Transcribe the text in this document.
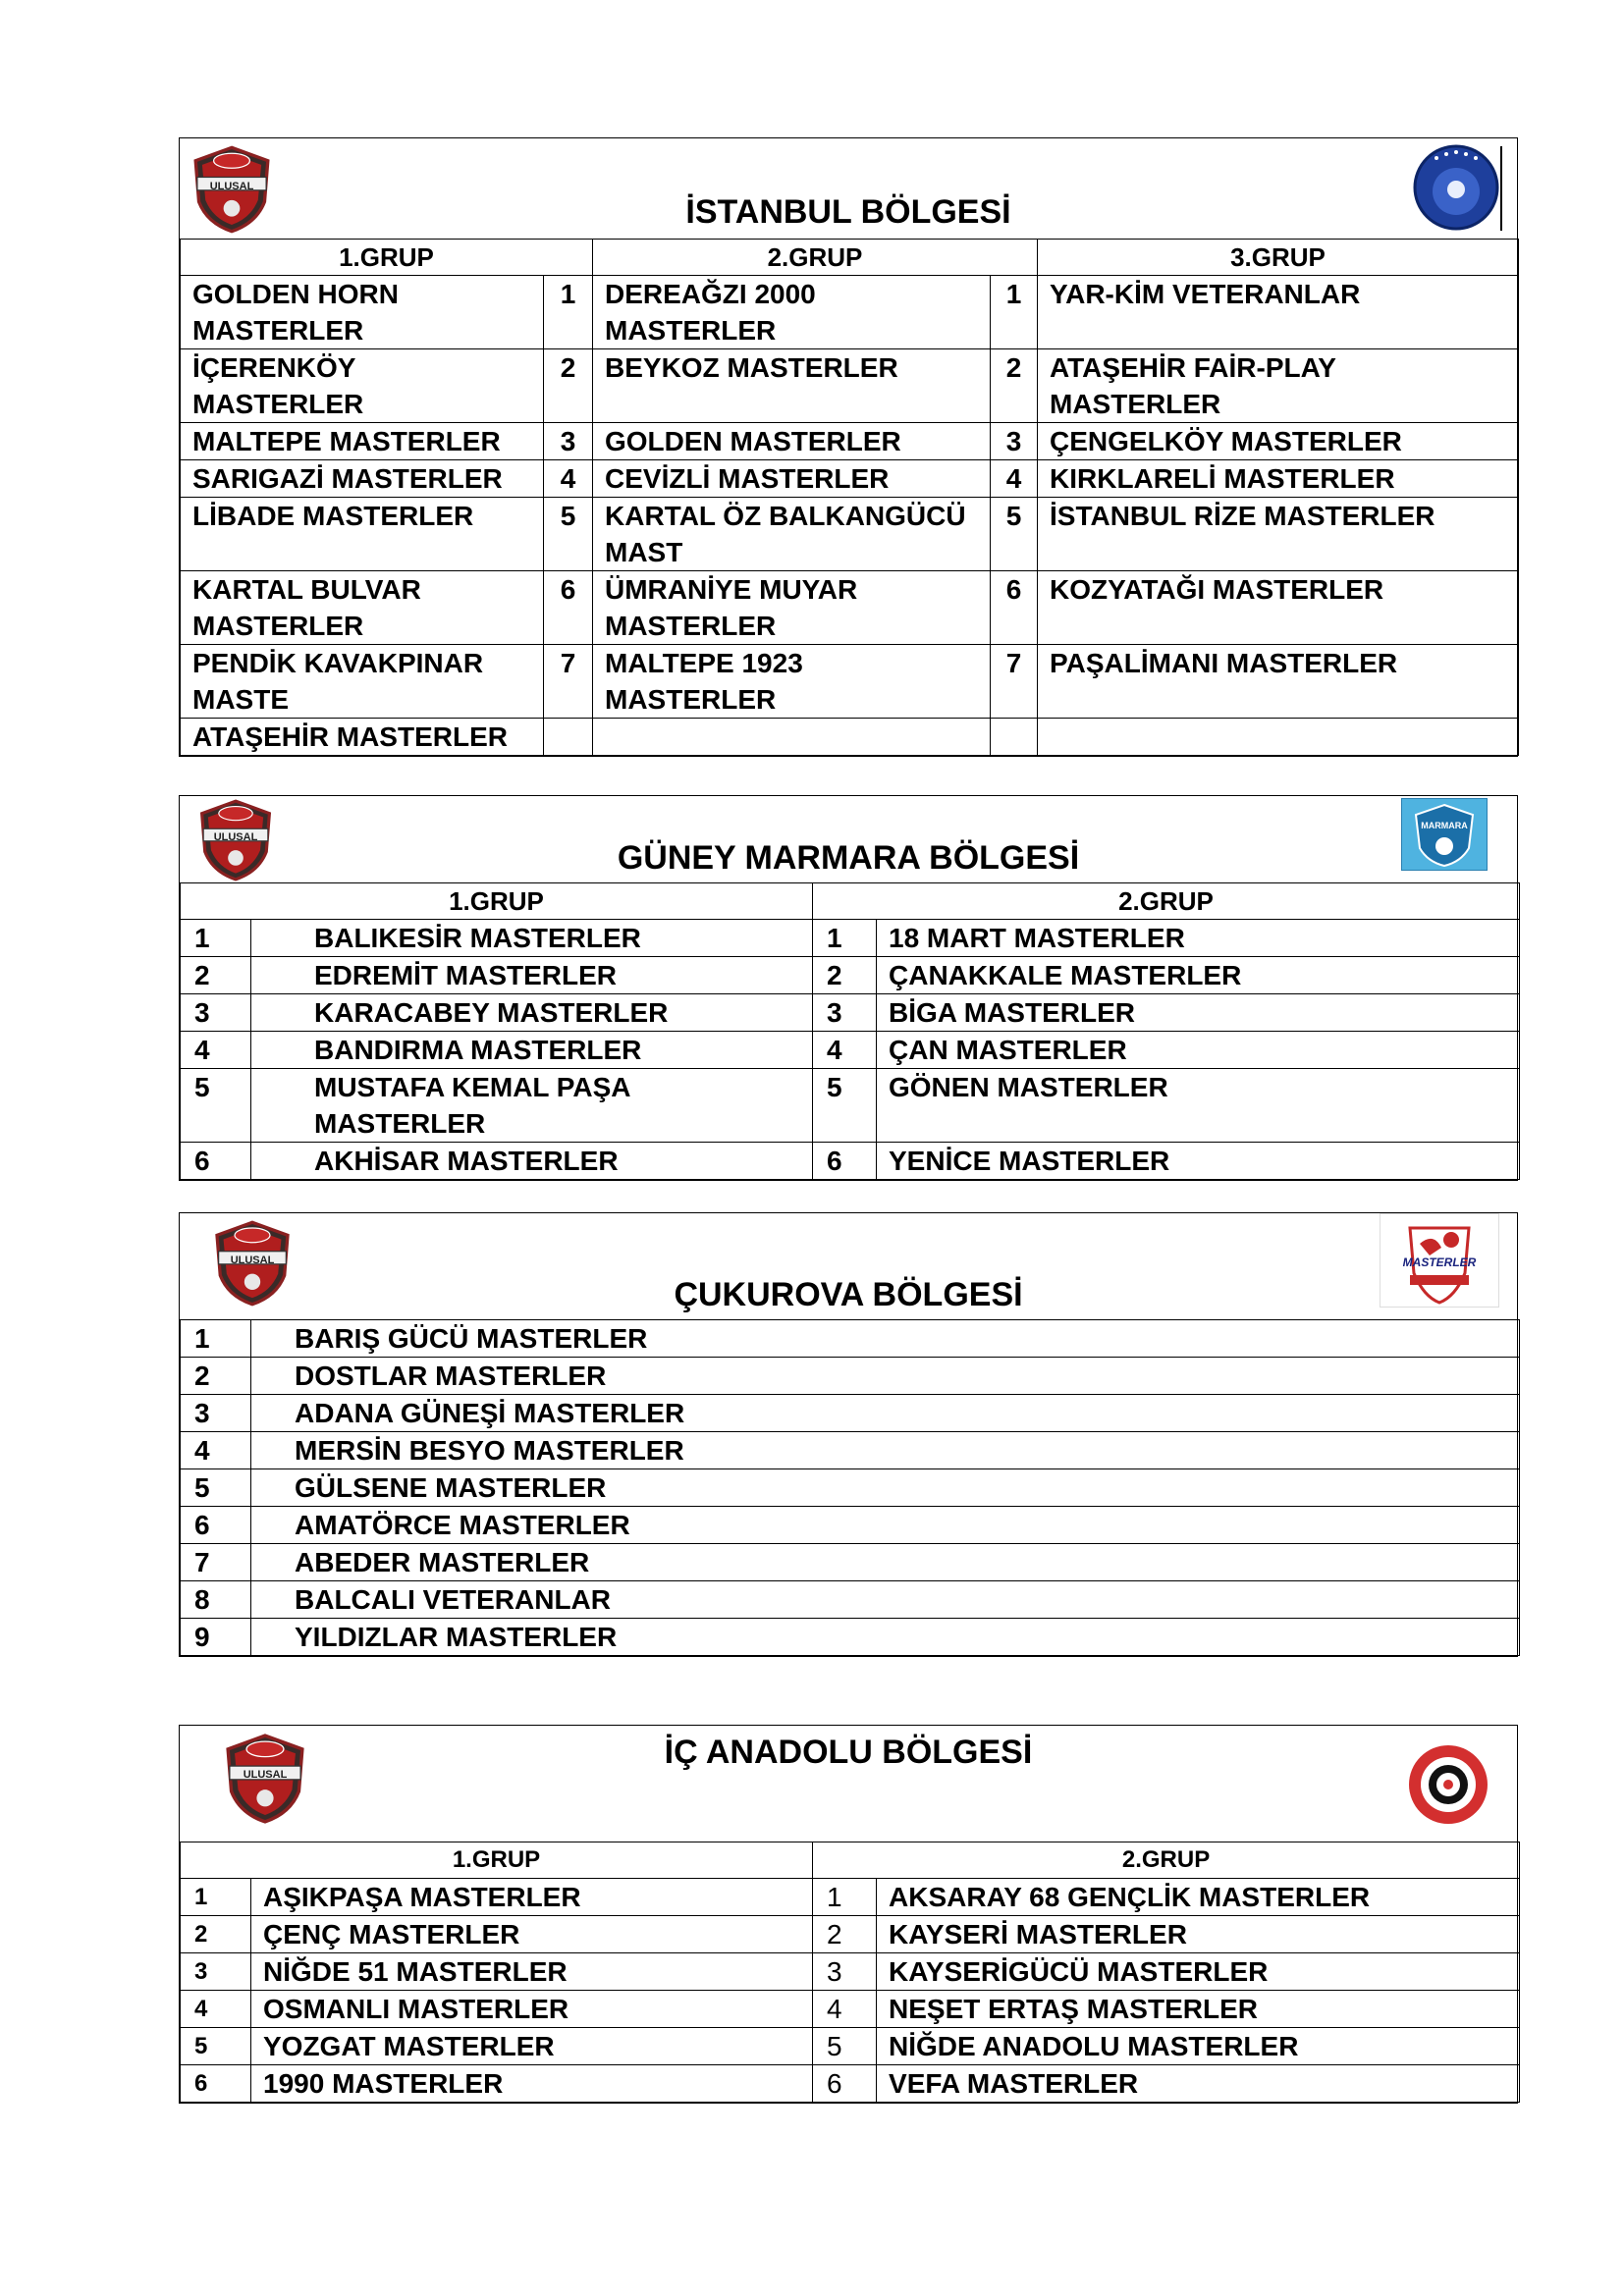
ULUSAL
İSTANBUL BÖLGESİ
1.GRUP		2.GRUP		3.GRUP
GOLDEN HORN MASTERLER	1	DEREAĞZI 2000 MASTERLER	1	YAR-KİM VETERANLAR
İÇERENKÖY MASTERLER	2	BEYKOZ MASTERLER	2	ATAŞEHİR FAİR-PLAY MASTERLER
MALTEPE MASTERLER	3	GOLDEN MASTERLER	3	ÇENGELKÖY MASTERLER
SARIGAZİ MASTERLER	4	CEVİZLİ MASTERLER	4	KIRKLARELİ MASTERLER
LİBADE MASTERLER	5	KARTAL ÖZ BALKANGÜCÜ MAST	5	İSTANBUL RİZE MASTERLER
KARTAL BULVAR MASTERLER	6	ÜMRANİYE MUYAR MASTERLER	6	KOZYATAĞI MASTERLER
PENDİK KAVAKPINAR MASTE	7	MALTEPE 1923 MASTERLER	7	PAŞALİMANI MASTERLER
ATAŞEHİR MASTERLER				
ULUSAL
GÜNEY MARMARA BÖLGESİ
MARMARA
1.GRUP		2.GRUP	
1	BALIKESİR MASTERLER	1	18 MART MASTERLER
2	EDREMİT MASTERLER	2	ÇANAKKALE MASTERLER
3	KARACABEY MASTERLER	3	BİGA MASTERLER
4	BANDIRMA MASTERLER	4	ÇAN MASTERLER
5	MUSTAFA KEMAL PAŞA MASTERLER	5	GÖNEN MASTERLER
6	AKHİSAR MASTERLER	6	YENİCE MASTERLER
ULUSAL
ÇUKUROVA BÖLGESİ
MASTERLER
1	BARIŞ GÜCÜ MASTERLER
2	DOSTLAR MASTERLER
3	ADANA GÜNEŞİ MASTERLER
4	MERSİN BESYO MASTERLER
5	GÜLSENE MASTERLER
6	AMATÖRCE MASTERLER
7	ABEDER MASTERLER
8	BALCALI VETERANLAR
9	YILDIZLAR MASTERLER
ULUSAL
İÇ ANADOLU BÖLGESİ
1.GRUP		2.GRUP	
1	AŞIKPAŞA MASTERLER	1	AKSARAY 68 GENÇLİK MASTERLER
2	ÇENÇ MASTERLER	2	KAYSERİ MASTERLER
3	NİĞDE 51 MASTERLER	3	KAYSERİGÜCÜ MASTERLER
4	OSMANLI MASTERLER	4	NEŞET ERTAŞ MASTERLER
5	YOZGAT MASTERLER	5	NİĞDE ANADOLU MASTERLER
6	1990 MASTERLER	6	VEFA MASTERLER
